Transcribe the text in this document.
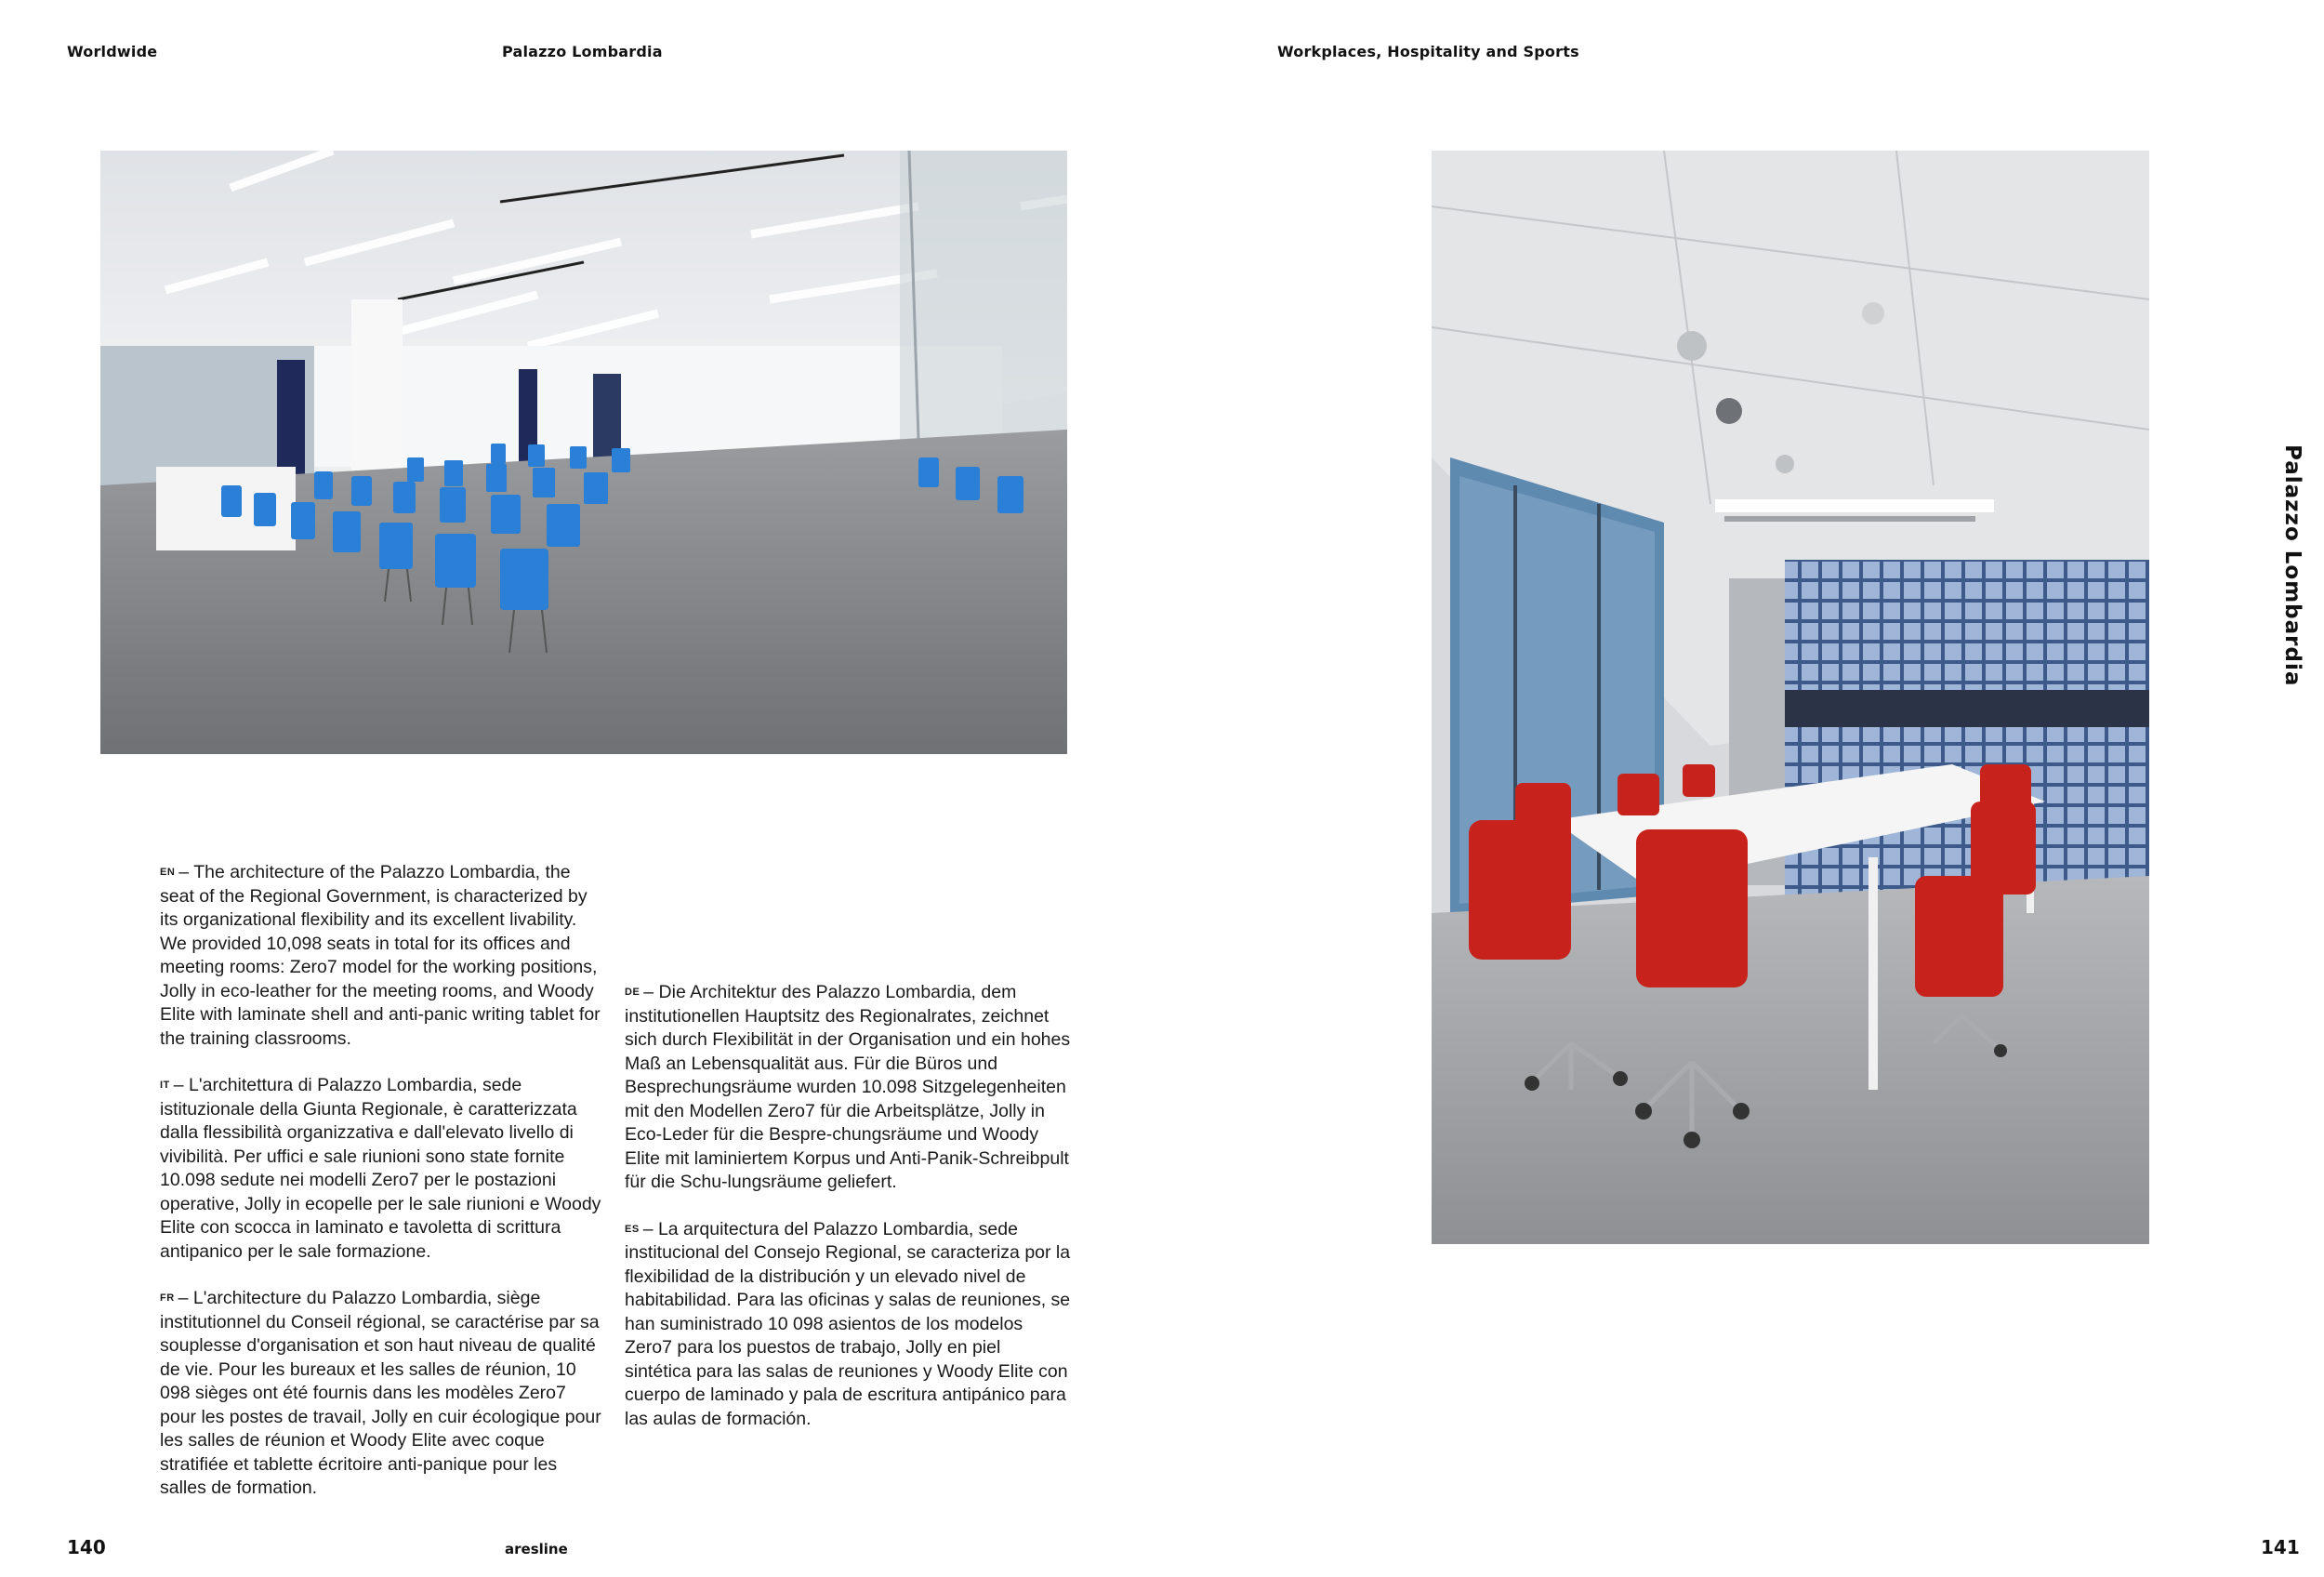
Worldwide	Palazzo Lombardia	Workplaces, Hospitality and Sports
Palazzo Lombardia

EN – The architecture of the Palazzo Lombardia, the seat of the Regional Government, is characterized by its organizational flexibility and its excellent livability. We provided 10,098 seats in total for its offices and meeting rooms: Zero7 model for the working positions, Jolly in eco-leather for the meeting rooms, and Woody Elite with laminate shell and anti-panic writing tablet for the training classrooms.

IT – L'architettura di Palazzo Lombardia, sede istituzionale della Giunta Regionale, è caratterizzata dalla flessibilità organizzativa e dall'elevato livello di vivibilità. Per uffici e sale riunioni sono state fornite 10.098 sedute nei modelli Zero7 per le postazioni operative, Jolly in ecopelle per le sale riunioni e Woody Elite con scocca in laminato e tavoletta di scrittura antipanico per le sale formazione.

FR – L'architecture du Palazzo Lombardia, siège institutionnel du Conseil régional, se caractérise par sa souplesse d'organisation et son haut niveau de qualité de vie. Pour les bureaux et les salles de réunion, 10 098 sièges ont été fournis dans les modèles Zero7 pour les postes de travail, Jolly en cuir écologique pour les salles de réunion et Woody Elite avec coque stratifiée et tablette écritoire anti-panique pour les salles de formation.

DE – Die Architektur des Palazzo Lombardia, dem institutionellen Hauptsitz des Regionalrates, zeichnet sich durch Flexibilität in der Organisation und ein hohes Maß an Lebensqualität aus. Für die Büros und Besprechungsräume wurden 10.098 Sitzgelegenheiten mit den Modellen Zero7 für die Arbeitsplätze, Jolly in Eco-Leder für die Bespre-chungsräume und Woody Elite mit laminiertem Korpus und Anti-Panik-Schreibpult für die Schu-lungsräume geliefert.

ES – La arquitectura del Palazzo Lombardia, sede institucional del Consejo Regional, se caracteriza por la flexibilidad de la distribución y un elevado nivel de habitabilidad. Para las oficinas y salas de reuniones, se han suministrado 10 098 asientos de los modelos Zero7 para los puestos de trabajo, Jolly en piel sintética para las salas de reuniones y Woody Elite con cuerpo de laminado y pala de escritura antipánico para las aulas de formación.

140	aresline	141
